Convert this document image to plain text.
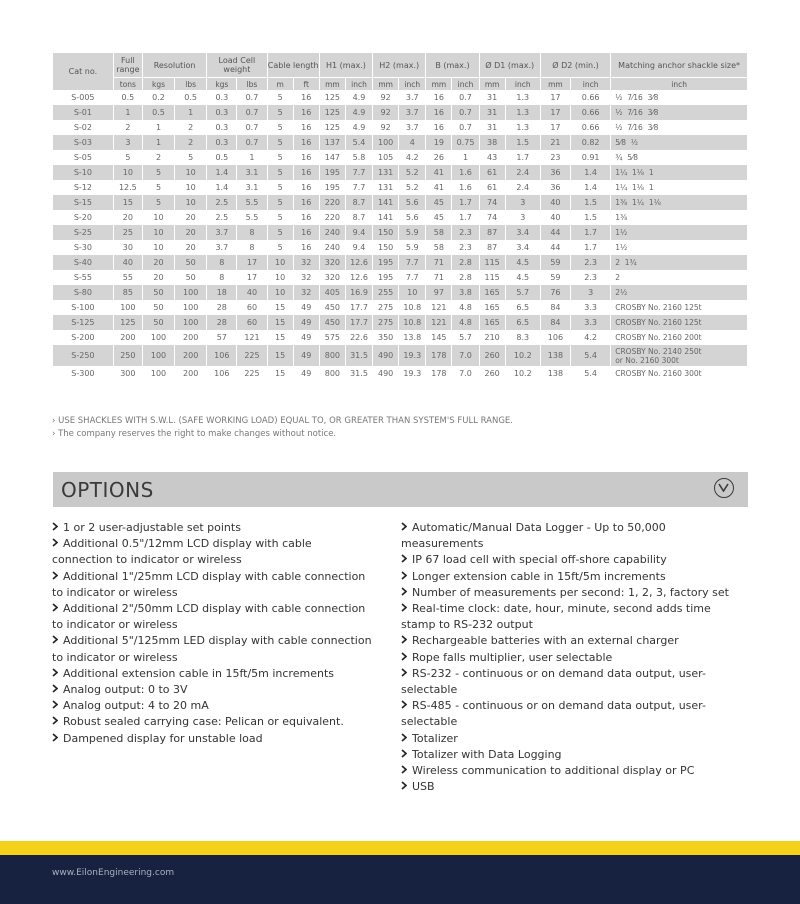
Cat no.	Full range	Resolution		Load Cell weight		Cable length		H1 (max.)		H2 (max.)		B (max.)		Ø D1 (max.)		Ø D2 (min.)		Matching anchor shackle size*
	tons	kgs	lbs	kgs	lbs	m	ft	mm	inch	mm	inch	mm	inch	mm	inch	mm	inch	inch
S-005	0.5	0.2	0.5	0.3	0.7	5	16	125	4.9	92	3.7	16	0.7	31	1.3	17	0.66	½  7⁄16  3⁄8
S-01	1	0.5	1	0.3	0.7	5	16	125	4.9	92	3.7	16	0.7	31	1.3	17	0.66	½  7⁄16  3⁄8
S-02	2	1	2	0.3	0.7	5	16	125	4.9	92	3.7	16	0.7	31	1.3	17	0.66	½  7⁄16  3⁄8
S-03	3	1	2	0.3	0.7	5	16	137	5.4	100	4	19	0.75	38	1.5	21	0.82	5⁄8  ½
S-05	5	2	5	0.5	1	5	16	147	5.8	105	4.2	26	1	43	1.7	23	0.91	¾  5⁄8
S-10	10	5	10	1.4	3.1	5	16	195	7.7	131	5.2	41	1.6	61	2.4	36	1.4	1¼  1⅛  1
S-12	12.5	5	10	1.4	3.1	5	16	195	7.7	131	5.2	41	1.6	61	2.4	36	1.4	1¼  1⅛  1
S-15	15	5	10	2.5	5.5	5	16	220	8.7	141	5.6	45	1.7	74	3	40	1.5	1⅜  1¼  1⅛
S-20	20	10	20	2.5	5.5	5	16	220	8.7	141	5.6	45	1.7	74	3	40	1.5	1⅜
S-25	25	10	20	3.7	8	5	16	240	9.4	150	5.9	58	2.3	87	3.4	44	1.7	1½
S-30	30	10	20	3.7	8	5	16	240	9.4	150	5.9	58	2.3	87	3.4	44	1.7	1½
S-40	40	20	50	8	17	10	32	320	12.6	195	7.7	71	2.8	115	4.5	59	2.3	2  1¾
S-55	55	20	50	8	17	10	32	320	12.6	195	7.7	71	2.8	115	4.5	59	2.3	2
S-80	85	50	100	18	40	10	32	405	16.9	255	10	97	3.8	165	5.7	76	3	2½
S-100	100	50	100	28	60	15	49	450	17.7	275	10.8	121	4.8	165	6.5	84	3.3	CROSBY No. 2160 125t
S-125	125	50	100	28	60	15	49	450	17.7	275	10.8	121	4.8	165	6.5	84	3.3	CROSBY No. 2160 125t
S-200	200	100	200	57	121	15	49	575	22.6	350	13.8	145	5.7	210	8.3	106	4.2	CROSBY No. 2160 200t
S-250	250	100	200	106	225	15	49	800	31.5	490	19.3	178	7.0	260	10.2	138	5.4	CROSBY No. 2140 250t
or No. 2160 300t
S-300	300	100	200	106	225	15	49	800	31.5	490	19.3	178	7.0	260	10.2	138	5.4	CROSBY No. 2160 300t
› USE SHACKLES WITH S.W.L. (SAFE WORKING LOAD) EQUAL TO, OR GREATER THAN SYSTEM'S FULL RANGE.
› The company reserves the right to make changes without notice.
OPTIONS
1 or 2 user-adjustable set points
Additional 0.5"/12mm LCD display with cable connection to indicator or wireless
Additional 1"/25mm LCD display with cable connection to indicator or wireless
Additional 2"/50mm LCD display with cable connection to indicator or wireless
Additional 5"/125mm LED display with cable connection to indicator or wireless
Additional extension cable in 15ft/5m increments
Analog output: 0 to 3V
Analog output: 4 to 20 mA
Robust sealed carrying case: Pelican or equivalent.
Dampened display for unstable load
Automatic/Manual Data Logger - Up to 50,000 measurements
IP 67 load cell with special off-shore capability
Longer extension cable in 15ft/5m increments
Number of measurements per second: 1, 2, 3, factory set
Real-time clock: date, hour, minute, second adds time stamp to RS-232 output
Rechargeable batteries with an external charger
Rope falls multiplier, user selectable
RS-232 - continuous or on demand data output, user-selectable
RS-485 - continuous or on demand data output, user-selectable
Totalizer
Totalizer with Data Logging
Wireless communication to additional display or PC
USB
www.EilonEngineering.com
